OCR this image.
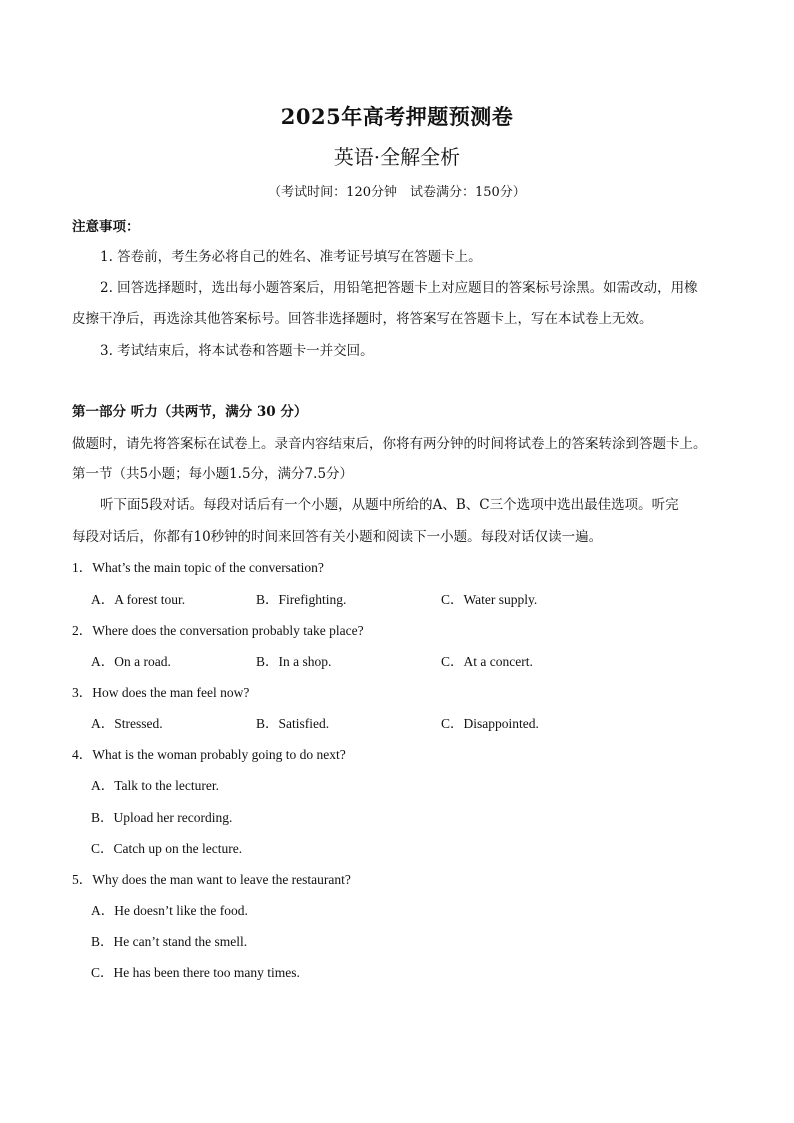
2025年高考押题预测卷
英语·全解全析
（考试时间：120分钟　试卷满分：150分）
注意事项：
1. 答卷前，考生务必将自己的姓名、准考证号填写在答题卡上。
2. 回答选择题时，选出每小题答案后，用铅笔把答题卡上对应题目的答案标号涂黑。如需改动，用橡
皮擦干净后，再选涂其他答案标号。回答非选择题时，将答案写在答题卡上，写在本试卷上无效。
3. 考试结束后，将本试卷和答题卡一并交回。
第一部分 听力（共两节，满分 30 分）
做题时，请先将答案标在试卷上。录音内容结束后，你将有两分钟的时间将试卷上的答案转涂到答题卡上。
第一节（共5小题；每小题1.5分，满分7.5分）
听下面5段对话。每段对话后有一个小题，从题中所给的A、B、C三个选项中选出最佳选项。听完
每段对话后，你都有10秒钟的时间来回答有关小题和阅读下一小题。每段对话仅读一遍。
1．What’s the main topic of the conversation?
A．A forest tour.	B．Firefighting.	C．Water supply.
2．Where does the conversation probably take place?
A．On a road.	B．In a shop.	C．At a concert.
3．How does the man feel now?
A．Stressed.	B．Satisfied.	C．Disappointed.
4．What is the woman probably going to do next?
A．Talk to the lecturer.
B．Upload her recording.
C．Catch up on the lecture.
5．Why does the man want to leave the restaurant?
A．He doesn’t like the food.
B．He can’t stand the smell.
C．He has been there too many times.
